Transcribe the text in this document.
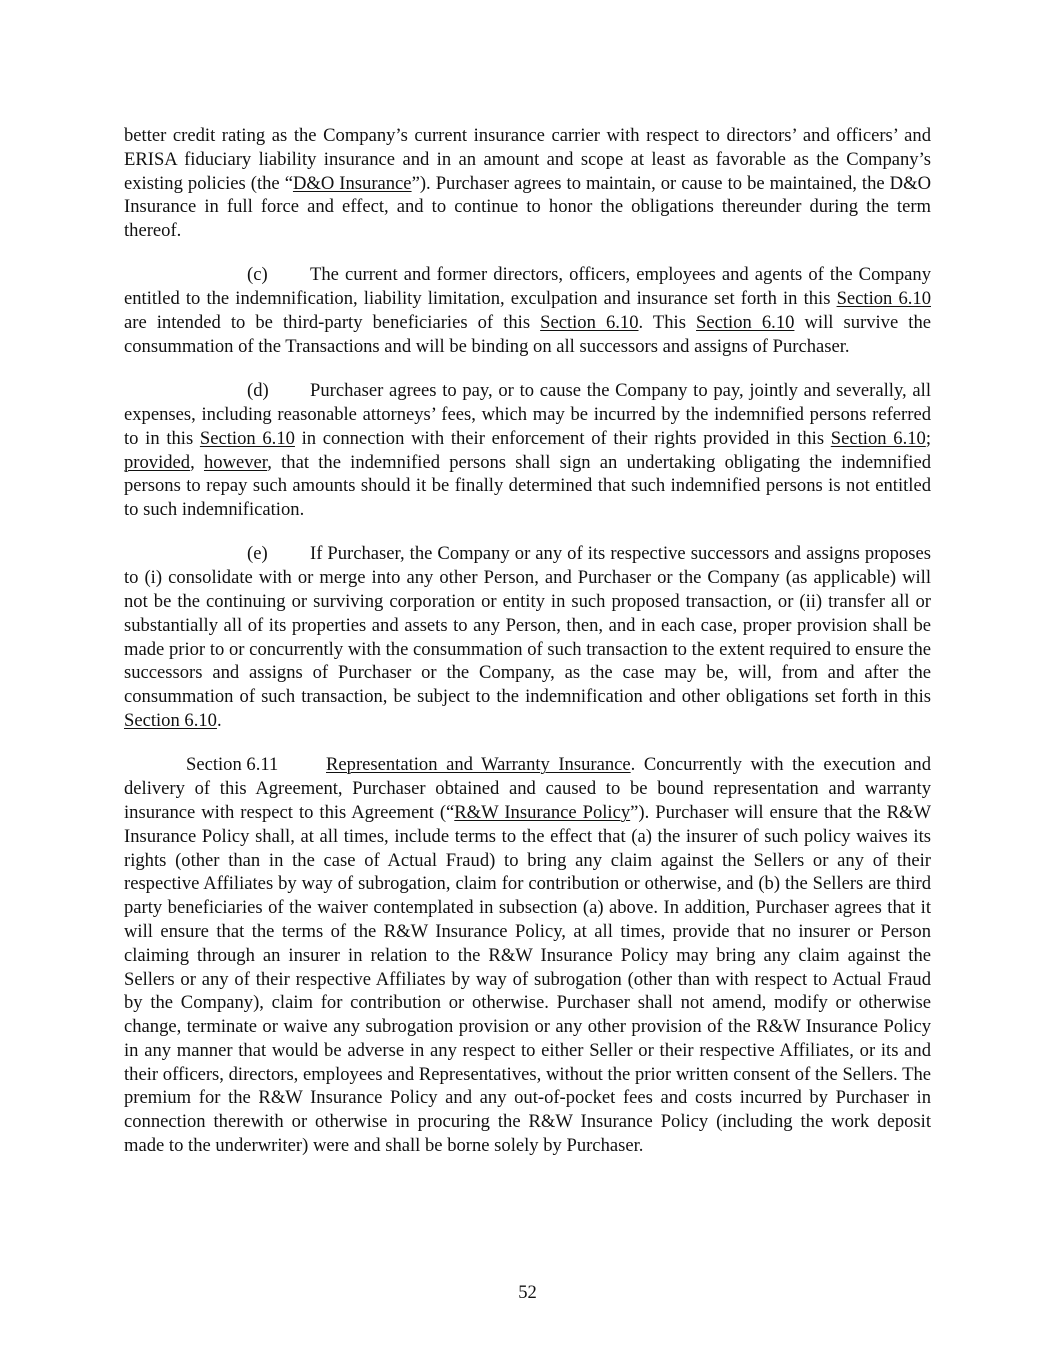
better credit rating as the Company’s current insurance carrier with respect to directors’ and officers’ and ERISA fiduciary liability insurance and in an amount and scope at least as favorable as the Company’s existing policies (the “D&O Insurance”). Purchaser agrees to maintain, or cause to be maintained, the D&O Insurance in full force and effect, and to continue to honor the obligations thereunder during the term thereof.

(c) The current and former directors, officers, employees and agents of the Company entitled to the indemnification, liability limitation, exculpation and insurance set forth in this Section 6.10 are intended to be third-party beneficiaries of this Section 6.10. This Section 6.10 will survive the consummation of the Transactions and will be binding on all successors and assigns of Purchaser.

(d) Purchaser agrees to pay, or to cause the Company to pay, jointly and severally, all expenses, including reasonable attorneys’ fees, which may be incurred by the indemnified persons referred to in this Section 6.10 in connection with their enforcement of their rights provided in this Section 6.10; provided, however, that the indemnified persons shall sign an undertaking obligating the indemnified persons to repay such amounts should it be finally determined that such indemnified persons is not entitled to such indemnification.

(e) If Purchaser, the Company or any of its respective successors and assigns proposes to (i) consolidate with or merge into any other Person, and Purchaser or the Company (as applicable) will not be the continuing or surviving corporation or entity in such proposed transaction, or (ii) transfer all or substantially all of its properties and assets to any Person, then, and in each case, proper provision shall be made prior to or concurrently with the consummation of such transaction to the extent required to ensure the successors and assigns of Purchaser or the Company, as the case may be, will, from and after the consummation of such transaction, be subject to the indemnification and other obligations set forth in this Section 6.10.

Section 6.11	Representation and Warranty Insurance. Concurrently with the execution and delivery of this Agreement, Purchaser obtained and caused to be bound representation and warranty insurance with respect to this Agreement (“R&W Insurance Policy”). Purchaser will ensure that the R&W Insurance Policy shall, at all times, include terms to the effect that (a) the insurer of such policy waives its rights (other than in the case of Actual Fraud) to bring any claim against the Sellers or any of their respective Affiliates by way of subrogation, claim for contribution or otherwise, and (b) the Sellers are third party beneficiaries of the waiver contemplated in subsection (a) above. In addition, Purchaser agrees that it will ensure that the terms of the R&W Insurance Policy, at all times, provide that no insurer or Person claiming through an insurer in relation to the R&W Insurance Policy may bring any claim against the Sellers or any of their respective Affiliates by way of subrogation (other than with respect to Actual Fraud by the Company), claim for contribution or otherwise. Purchaser shall not amend, modify or otherwise change, terminate or waive any subrogation provision or any other provision of the R&W Insurance Policy in any manner that would be adverse in any respect to either Seller or their respective Affiliates, or its and their officers, directors, employees and Representatives, without the prior written consent of the Sellers. The premium for the R&W Insurance Policy and any out-of-pocket fees and costs incurred by Purchaser in connection therewith or otherwise in procuring the R&W Insurance Policy (including the work deposit made to the underwriter) were and shall be borne solely by Purchaser.

52
